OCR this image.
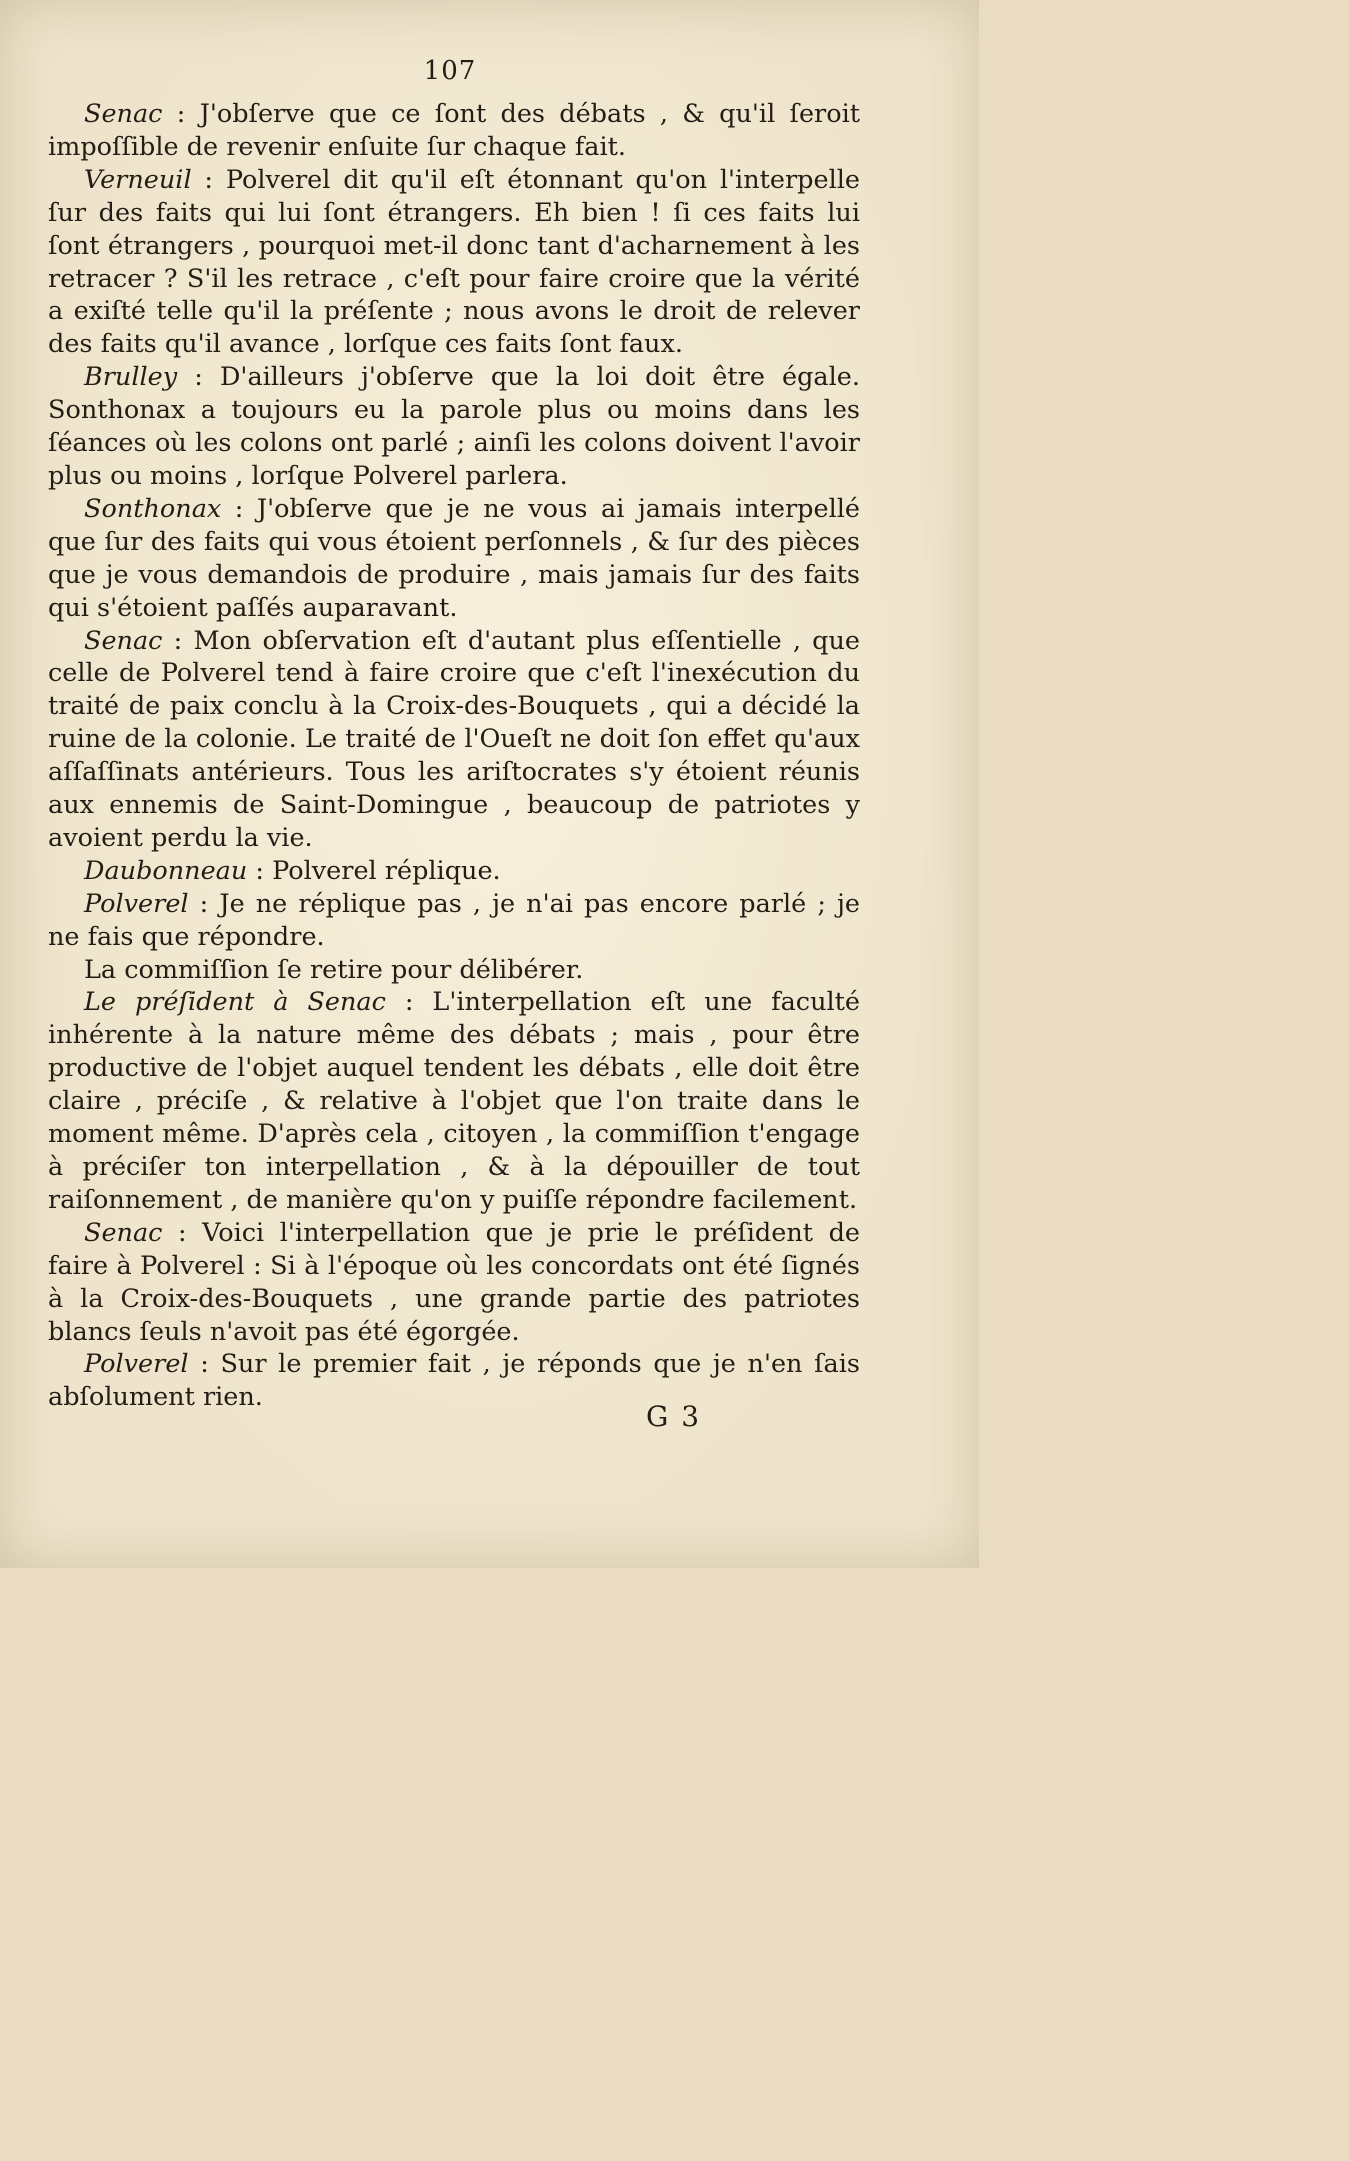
107

Senac : J'obſerve que ce ſont des débats , & qu'il ſeroit impoſſible de revenir enſuite ſur chaque fait.

Verneuil : Polverel dit qu'il eſt étonnant qu'on l'interpelle ſur des faits qui lui ſont étrangers. Eh bien ! ſi ces faits lui ſont étrangers , pourquoi met-il donc tant d'acharnement à les retracer ? S'il les retrace , c'eſt pour faire croire que la vérité a exiſté telle qu'il la préſente ; nous avons le droit de relever des faits qu'il avance , lorſque ces faits ſont faux.

Brulley : D'ailleurs j'obſerve que la loi doit être égale. Sonthonax a toujours eu la parole plus ou moins dans les ſéances où les colons ont parlé ; ainſi les colons doivent l'avoir plus ou moins , lorſque Polverel parlera.

Sonthonax : J'obſerve que je ne vous ai jamais interpellé que ſur des faits qui vous étoient perſonnels , & ſur des pièces que je vous demandois de produire , mais jamais ſur des faits qui s'étoient paſſés auparavant.

Senac : Mon obſervation eſt d'autant plus eſſentielle , que celle de Polverel tend à faire croire que c'eſt l'inexécution du traité de paix conclu à la Croix-des-Bouquets , qui a décidé la ruine de la colonie. Le traité de l'Oueſt ne doit ſon effet qu'aux aſſaſſinats antérieurs. Tous les ariſtocrates s'y étoient réunis aux ennemis de Saint-Domingue , beaucoup de patriotes y avoient perdu la vie.

Daubonneau : Polverel réplique.

Polverel : Je ne réplique pas , je n'ai pas encore parlé ; je ne fais que répondre.

La commiſſion ſe retire pour délibérer.

Le préſident à Senac : L'interpellation eſt une faculté inhérente à la nature même des débats ; mais , pour être productive de l'objet auquel tendent les débats , elle doit être claire , préciſe , & relative à l'objet que l'on traite dans le moment même. D'après cela , citoyen , la commiſſion t'engage à préciſer ton interpellation , & à la dépouiller de tout raiſonnement , de manière qu'on y puiſſe répondre facilement.

Senac : Voici l'interpellation que je prie le préſident de faire à Polverel : Si à l'époque où les concordats ont été ſignés à la Croix-des-Bouquets , une grande partie des patriotes blancs ſeuls n'avoit pas été égorgée.

Polverel : Sur le premier fait , je réponds que je n'en ſais abſolument rien.

G 3
